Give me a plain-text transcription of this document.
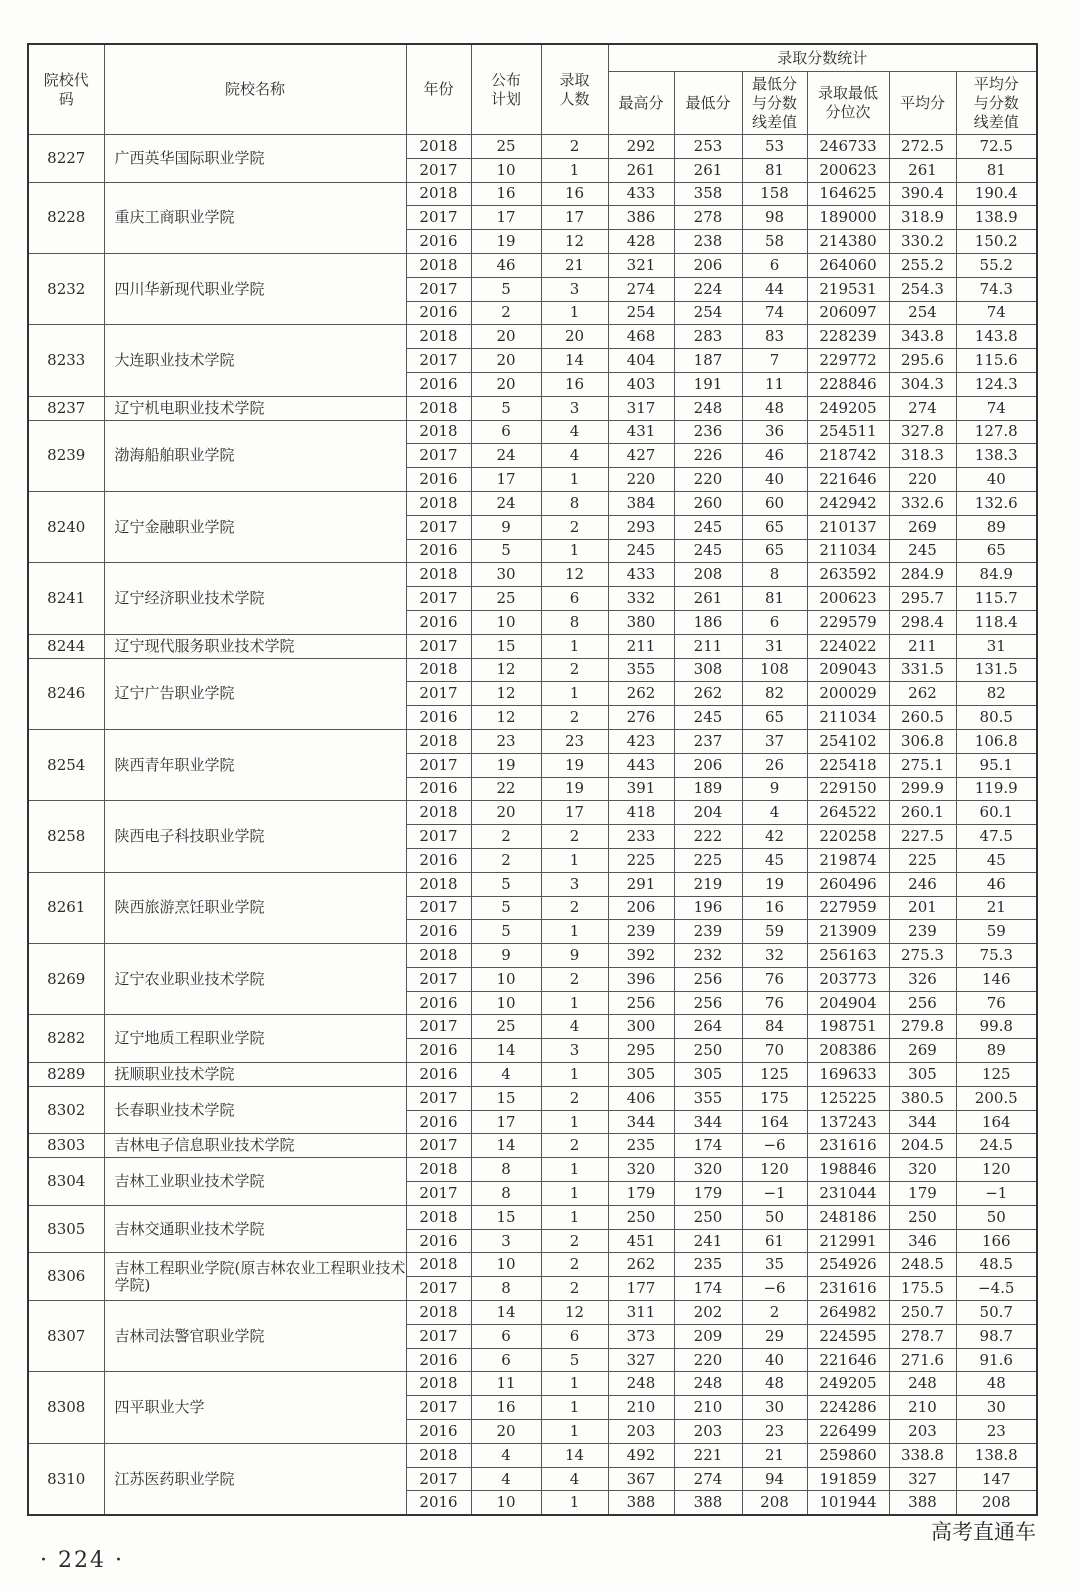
院校代码	院校名称	年份	公布计划	录取人数	录取分数统计					
					最高分	最低分	最低分与分数线差值	录取最低分位次	平均分	平均分与分数线差值
8227	广西英华国际职业学院	2018	25	2	292	253	53	246733	272.5	72.5
		2017	10	1	261	261	81	200623	261	81
8228	重庆工商职业学院	2018	16	16	433	358	158	164625	390.4	190.4
		2017	17	17	386	278	98	189000	318.9	138.9
		2016	19	12	428	238	58	214380	330.2	150.2
8232	四川华新现代职业学院	2018	46	21	321	206	6	264060	255.2	55.2
		2017	5	3	274	224	44	219531	254.3	74.3
		2016	2	1	254	254	74	206097	254	74
8233	大连职业技术学院	2018	20	20	468	283	83	228239	343.8	143.8
		2017	20	14	404	187	7	229772	295.6	115.6
		2016	20	16	403	191	11	228846	304.3	124.3
8237	辽宁机电职业技术学院	2018	5	3	317	248	48	249205	274	74
8239	渤海船舶职业学院	2018	6	4	431	236	36	254511	327.8	127.8
		2017	24	4	427	226	46	218742	318.3	138.3
		2016	17	1	220	220	40	221646	220	40
8240	辽宁金融职业学院	2018	24	8	384	260	60	242942	332.6	132.6
		2017	9	2	293	245	65	210137	269	89
		2016	5	1	245	245	65	211034	245	65
8241	辽宁经济职业技术学院	2018	30	12	433	208	8	263592	284.9	84.9
		2017	25	6	332	261	81	200623	295.7	115.7
		2016	10	8	380	186	6	229579	298.4	118.4
8244	辽宁现代服务职业技术学院	2017	15	1	211	211	31	224022	211	31
8246	辽宁广告职业学院	2018	12	2	355	308	108	209043	331.5	131.5
		2017	12	1	262	262	82	200029	262	82
		2016	12	2	276	245	65	211034	260.5	80.5
8254	陕西青年职业学院	2018	23	23	423	237	37	254102	306.8	106.8
		2017	19	19	443	206	26	225418	275.1	95.1
		2016	22	19	391	189	9	229150	299.9	119.9
8258	陕西电子科技职业学院	2018	20	17	418	204	4	264522	260.1	60.1
		2017	2	2	233	222	42	220258	227.5	47.5
		2016	2	1	225	225	45	219874	225	45
8261	陕西旅游烹饪职业学院	2018	5	3	291	219	19	260496	246	46
		2017	5	2	206	196	16	227959	201	21
		2016	5	1	239	239	59	213909	239	59
8269	辽宁农业职业技术学院	2018	9	9	392	232	32	256163	275.3	75.3
		2017	10	2	396	256	76	203773	326	146
		2016	10	1	256	256	76	204904	256	76
8282	辽宁地质工程职业学院	2017	25	4	300	264	84	198751	279.8	99.8
		2016	14	3	295	250	70	208386	269	89
8289	抚顺职业技术学院	2016	4	1	305	305	125	169633	305	125
8302	长春职业技术学院	2017	15	2	406	355	175	125225	380.5	200.5
		2016	17	1	344	344	164	137243	344	164
8303	吉林电子信息职业技术学院	2017	14	2	235	174	−6	231616	204.5	24.5
8304	吉林工业职业技术学院	2018	8	1	320	320	120	198846	320	120
		2017	8	1	179	179	−1	231044	179	−1
8305	吉林交通职业技术学院	2018	15	1	250	250	50	248186	250	50
		2016	3	2	451	241	61	212991	346	166
8306	吉林工程职业学院(原吉林农业工程职业技术学院)	2018	10	2	262	235	35	254926	248.5	48.5
		2017	8	2	177	174	−6	231616	175.5	−4.5
8307	吉林司法警官职业学院	2018	14	12	311	202	2	264982	250.7	50.7
		2017	6	6	373	209	29	224595	278.7	98.7
		2016	6	5	327	220	40	221646	271.6	91.6
8308	四平职业大学	2018	11	1	248	248	48	249205	248	48
		2017	16	1	210	210	30	224286	210	30
		2016	20	1	203	203	23	226499	203	23
8310	江苏医药职业学院	2018	4	14	492	221	21	259860	338.8	138.8
		2017	4	4	367	274	94	191859	327	147
		2016	10	1	388	388	208	101944	388	208
· 224 ·
高考直通车
